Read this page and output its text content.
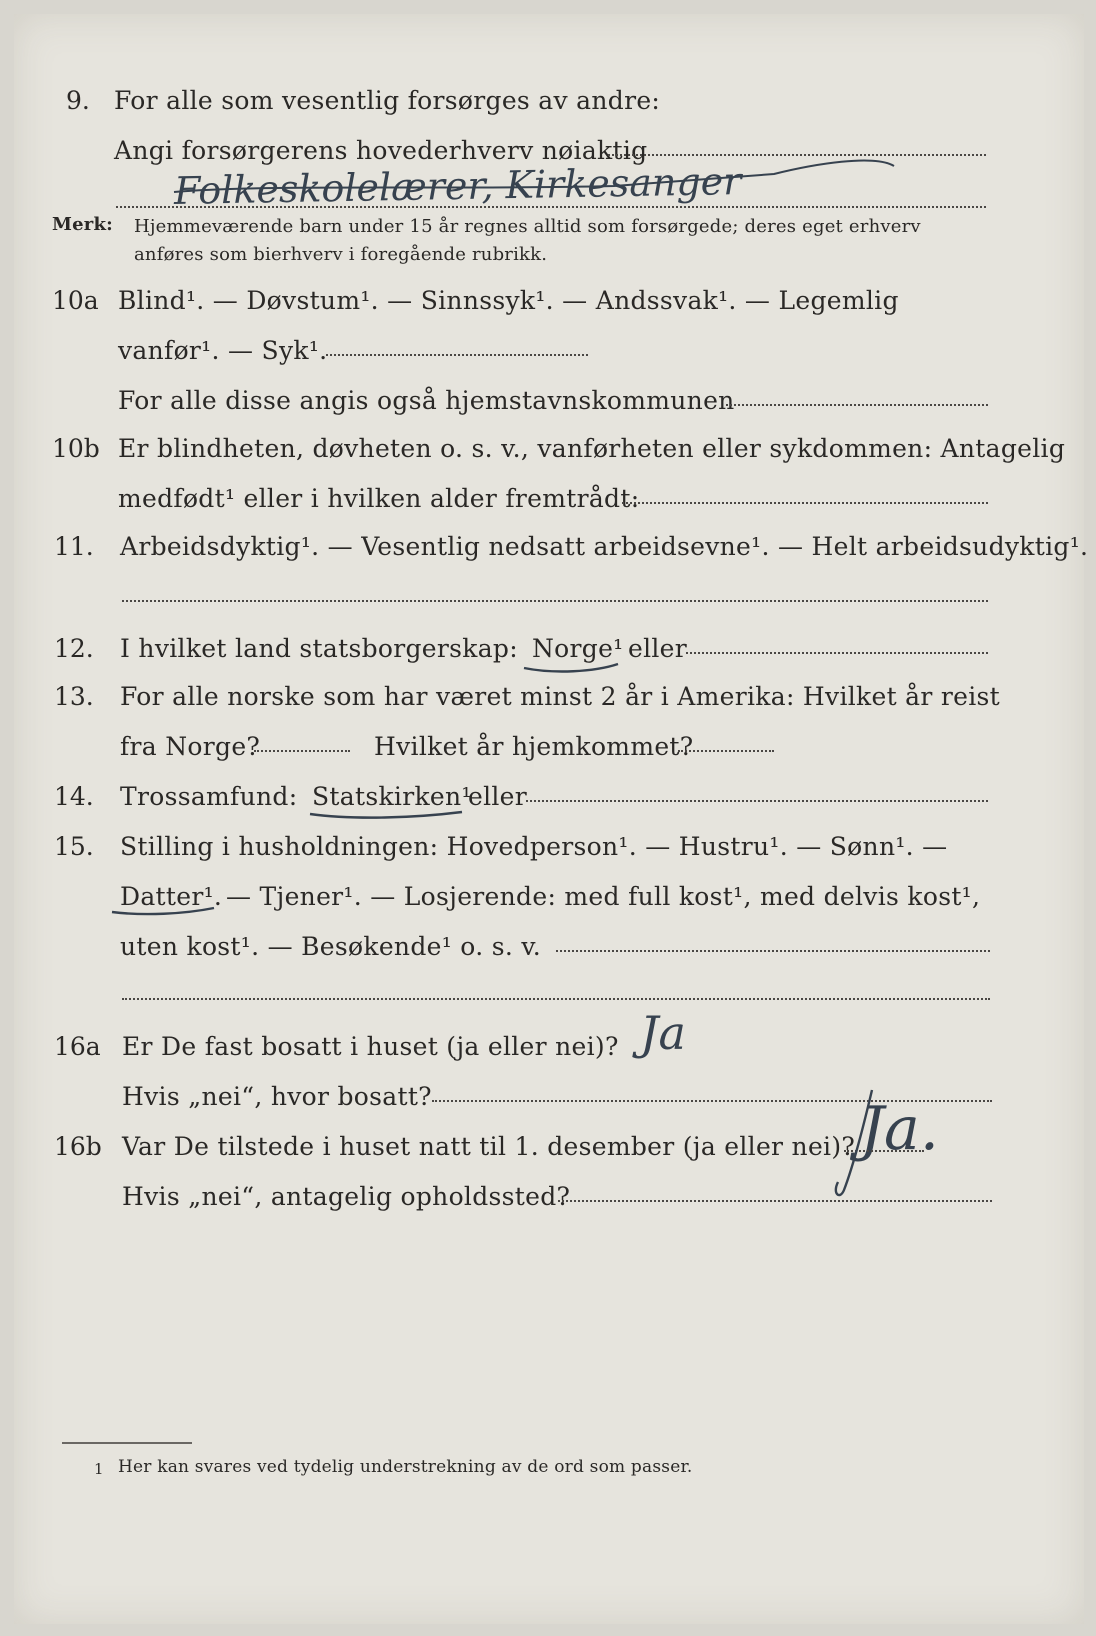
9. For alle som vesentlig forsørges av andre:
Angi forsørgerens hovederhverv nøiaktig
Folkeskolelærer, Kirkesanger
Merk: Hjemmeværende barn under 15 år regnes alltid som forsørgede; deres eget erhverv
anføres som bierhverv i foregående rubrikk.
10a Blind¹. — Døvstum¹. — Sinnssyk¹. — Andssvak¹. — Legemlig
vanfør¹. — Syk¹.
For alle disse angis også hjemstavnskommunen
10b Er blindheten, døvheten o. s. v., vanførheten eller sykdommen: Antagelig
medfødt¹ eller i hvilken alder fremtrådt:
11. Arbeidsdyktig¹. — Vesentlig nedsatt arbeidsevne¹. — Helt arbeidsudyktig¹.
12. I hvilket land statsborgerskap: Norge¹ eller
13. For alle norske som har været minst 2 år i Amerika: Hvilket år reist
fra Norge?	Hvilket år hjemkommet?
14. Trossamfund: Statskirken¹
eller
15. Stilling i husholdningen: Hovedperson¹. — Hustru¹. — Sønn¹. —
Datter¹. — Tjener¹. — Losjerende: med full kost¹, med delvis kost¹,
uten kost¹. — Besøkende¹ o. s. v.
16a Er De fast bosatt i huset (ja eller nei)? Ja
Hvis „nei“, hvor bosatt?
16b Var De tilstede i huset natt til 1. desember (ja eller nei)? Ja.
Hvis „nei“, antagelig opholdssted?
1 Her kan svares ved tydelig understrekning av de ord som passer.
